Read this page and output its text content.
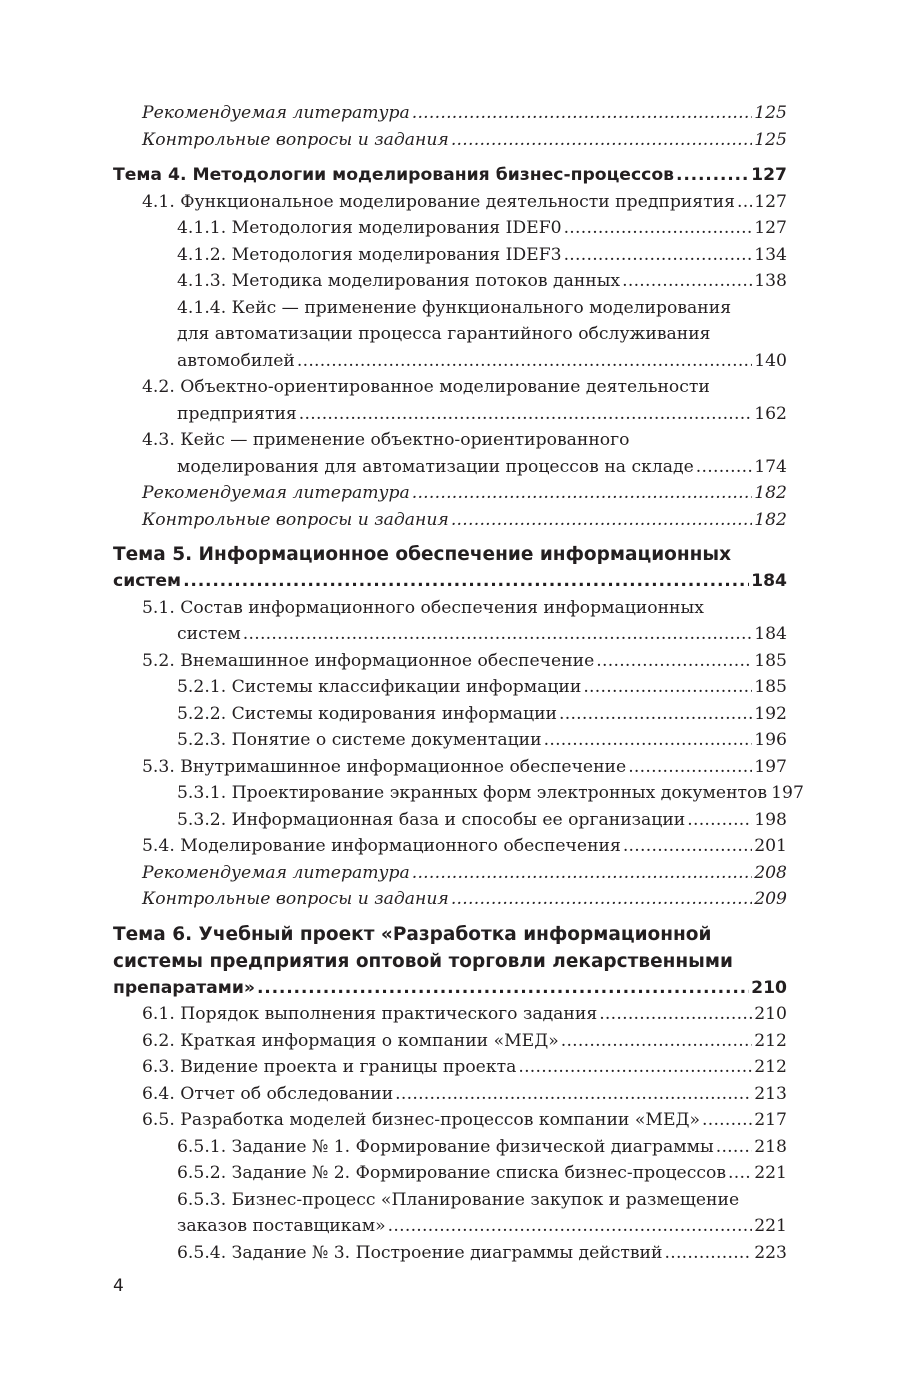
Рекомендуемая литература . . .	125
Контрольные вопросы и задания . . .	125
Тема 4. Методологии моделирования бизнес-процессов . . .	127
4.1. Функциональное моделирование деятельности предприятия . . . 127
4.1.1. Методология моделирования IDEF0 . . .	127
4.1.2. Методология моделирования IDEF3 . . .	134
4.1.3. Методика моделирования потоков данных . . .	138
4.1.4. Кейс — применение функционального моделирования
для автоматизации процесса гарантийного обслуживания
автомобилей . . .	140
4.2. Объектно-ориентированное моделирование деятельности
предприятия . . .	162
4.3. Кейс — применение объектно-ориентированного
моделирования для автоматизации процессов на складе . . .	174
Рекомендуемая литература . . .	182
Контрольные вопросы и задания . . .	182
Тема 5. Информационное обеспечение информационных
систем . . .	184
5.1. Состав информационного обеспечения информационных
систем . . .	184
5.2. Внемашинное информационное обеспечение . . .	185
5.2.1. Системы классификации информации . . .	185
5.2.2. Системы кодирования информации . . .	192
5.2.3. Понятие о системе документации . . .	196
5.3. Внутримашинное информационное обеспечение . . .	197
5.3.1. Проектирование экранных форм электронных документов 197
5.3.2. Информационная база и способы ее организации . . .	198
5.4. Моделирование информационного обеспечения . . .	201
Рекомендуемая литература . . .	208
Контрольные вопросы и задания . . .	209
Тема 6. Учебный проект «Разработка информационной
системы предприятия оптовой торговли лекарственными
препаратами» . . .	210
6.1. Порядок выполнения практического задания . . .	210
6.2. Краткая информация о компании «МЕД» . . .	212
6.3. Видение проекта и границы проекта . . .	212
6.4. Отчет об обследовании . . .	213
6.5. Разработка моделей бизнес-процессов компании «МЕД» . . .	217
6.5.1. Задание № 1. Формирование физической диаграммы . . . 218
6.5.2. Задание № 2. Формирование списка бизнес-процессов . . . 221
6.5.3. Бизнес-процесс «Планирование закупок и размещение
заказов поставщикам» . . .	221
6.5.4. Задание № 3. Построение диаграммы действий . . .	223
4
